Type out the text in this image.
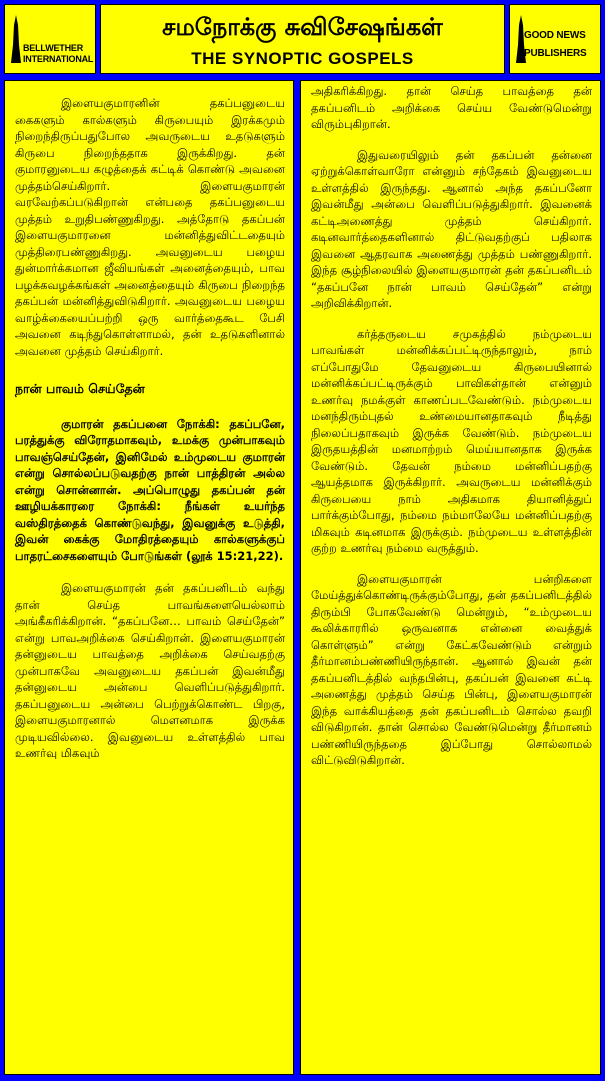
BELLWETHER
INTERNATIONAL
சமநோக்கு சுவிசேஷங்கள்
THE SYNOPTIC GOSPELS
GOOD NEWS
PUBLISHERS

இளையகுமாரனின் தகப்பனுடைய கைகளும் கால்களும் கிருபையும் இரக்கமும் நிறைந்திருப்பதுபோல அவருடைய உதடுகளும் கிருபை நிறைந்ததாக இருக்கிறது. தன் குமாரனுடைய கழுத்தைக் கட்டிக் கொண்டு அவனை முத்தம்செய்கிறார். இளையகுமாரன் வரவேற்கப்படுகிறான் என்பதை தகப்பனுடைய முத்தம் உறுதிபண்ணுகிறது. அத்தோடு தகப்பன் இளையகுமாரனை மன்னித்துவிட்டதையும் முத்திரைபண்ணுகிறது. அவனுடைய பழைய துன்மார்க்கமான ஜீவியங்கள் அனைத்தையும், பாவ பழக்கவழக்கங்கள் அனைத்தையும் கிருபை நிறைந்த தகப்பன் மன்னித்துவிடுகிறார். அவனுடைய பழைய வாழ்க்கையைப்பற்றி ஒரு வார்த்தைகூட பேசி அவனை கடிந்துகொள்ளாமல், தன் உதடுகளினால் அவனை முத்தம் செய்கிறார்.

நான் பாவம் செய்தேன்

குமாரன் தகப்பனை நோக்கி: தகப்பனே, பரத்துக்கு விரோதமாகவும், உமக்கு முன்பாகவும் பாவஞ்செய்தேன், இனிமேல் உம்முடைய குமாரன் என்று சொல்லப்படுவதற்கு நான் பாத்திரன் அல்ல என்று சொன்னான். அப்பொழுது தகப்பன் தன் ஊழியக்காரரை நோக்கி: நீங்கள் உயர்ந்த வஸ்திரத்தைக் கொண்டுவந்து, இவனுக்கு உடுத்தி, இவன் கைக்கு மோதிரத்தையும் கால்களுக்குப் பாதரட்சைகளையும் போடுங்கள் (லூக் 15:21,22).

இளையகுமாரன் தன் தகப்பனிடம் வந்து தான் செய்த பாவங்களையெல்லாம் அங்கீகரிக்கிறான். “தகப்பனே… பாவம் செய்தேன்” என்று பாவஅறிக்கை செய்கிறான். இளையகுமாரன் தன்னுடைய பாவத்தை அறிக்கை செய்வதற்கு முன்பாகவே அவனுடைய தகப்பன் இவன்மீது தன்னுடைய அன்பை வெளிப்படுத்துகிறார். தகப்பனுடைய அன்பை பெற்றுக்கொண்ட பிறகு, இளையகுமாரனால் மௌனமாக இருக்க முடியவில்லை. இவனுடைய உள்ளத்தில் பாவ உணர்வு மிகவும்

அதிகரிக்கிறது. தான் செய்த பாவத்தை தன் தகப்பனிடம் அறிக்கை செய்ய வேண்டுமென்று விரும்புகிறான்.

இதுவரையிலும் தன் தகப்பன் தன்னை ஏற்றுக்கொள்வாரோ என்னும் சந்தேகம் இவனுடைய உள்ளத்தில் இருந்தது. ஆனால் அந்த தகப்பனோ இவன்மீது அன்பை வெளிப்படுத்துகிறார். இவனைக் கட்டிஅணைத்து முத்தம் செய்கிறார். கடினவார்த்தைகளினால் திட்டுவதற்குப் பதிலாக இவனை ஆதரவாக அணைத்து முத்தம் பண்ணுகிறார். இந்த சூழ்நிலையில் இளையகுமாரன் தன் தகப்பனிடம் “தகப்பனே நான் பாவம் செய்தேன்” என்று அறிவிக்கிறான்.

கர்த்தருடைய சமுகத்தில் நம்முடைய பாவங்கள் மன்னிக்கப்பட்டிருந்தாலும், நாம் எப்போதுமே தேவனுடைய கிருபையினால் மன்னிக்கப்பட்டிருக்கும் பாவிகள்தான் என்னும் உணர்வு நமக்குள் காணப்படவேண்டும். நம்முடைய மனந்திரும்புதல் உண்மையானதாகவும் நீடித்து நிலைப்பதாகவும் இருக்க வேண்டும். நம்முடைய இருதயத்தின் மனமாற்றம் மெய்யானதாக இருக்க வேண்டும். தேவன் நம்மை மன்னிப்பதற்கு ஆயத்தமாக இருக்கிறார். அவருடைய மன்னிக்கும் கிருபையை நாம் அதிகமாக தியானித்துப் பார்க்கும்போது, நம்மை நம்மாலேயே மன்னிப்பதற்கு மிகவும் கடினமாக இருக்கும். நம்முடைய உள்ளத்தின் குற்ற உணர்வு நம்மை வருத்தும்.

இளையகுமாரன் பன்றிகளை மேய்த்துக்கொண்டிருக்கும்போது, தன் தகப்பனிடத்தில் திரும்பி போகவேண்டு மென்றும், “உம்முடைய கூலிக்காரரில் ஒருவனாக என்னை வைத்துக் கொள்ளும்” என்று கேட்கவேண்டும் என்றும் தீர்மானம்பண்ணியிருந்தான். ஆனால் இவன் தன் தகப்பனிடத்தில் வந்தபின்பு, தகப்பன் இவனை கட்டி அணைத்து முத்தம் செய்த பின்பு, இளையகுமாரன் இந்த வாக்கியத்தை தன் தகப்பனிடம் சொல்ல தவறி விடுகிறான். தான் சொல்ல வேண்டுமென்று தீர்மானம் பண்ணியிருந்ததை இப்போது சொல்லாமல் விட்டுவிடுகிறான்.
